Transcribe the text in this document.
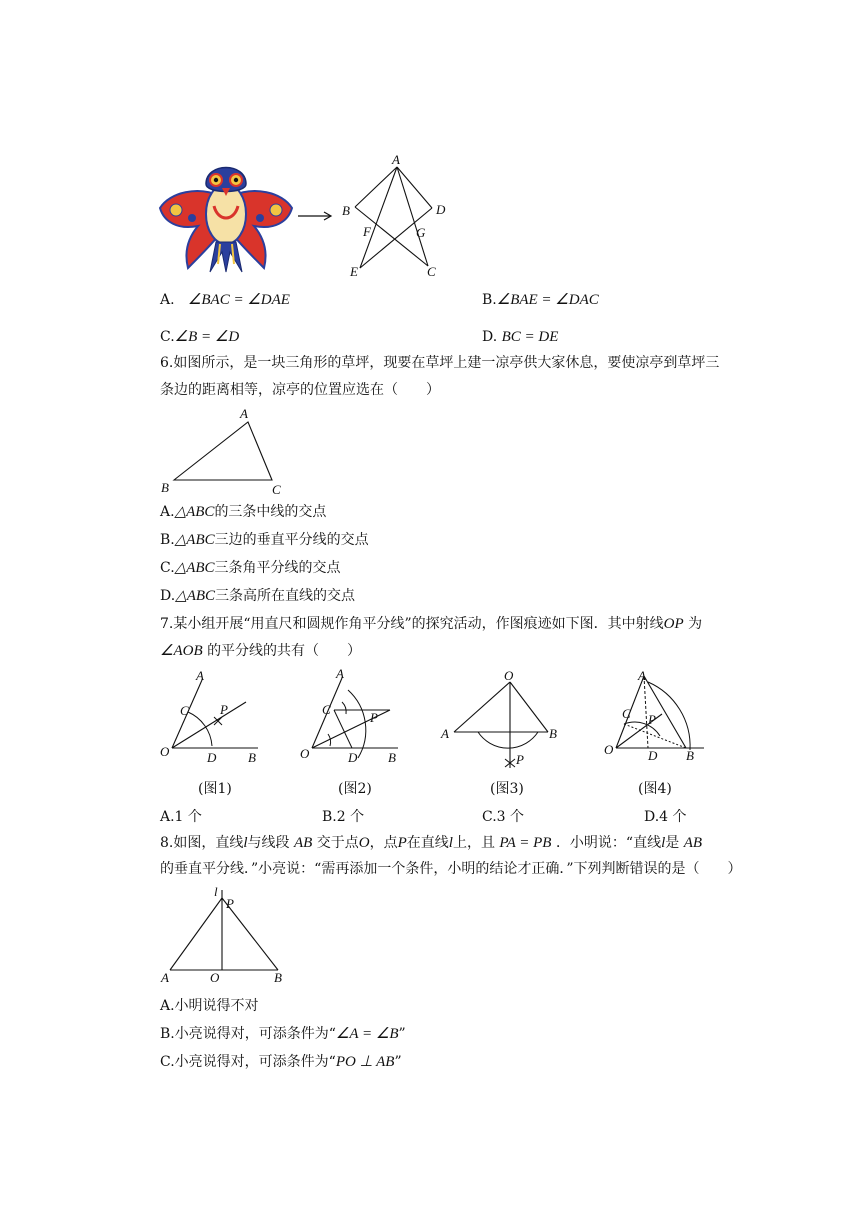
A
B	D
F	G
E	C
A. ∠BAC = ∠DAE	B.∠BAE = ∠DAC
C.∠B = ∠D	D. BC = DE
6.如图所示，是一块三角形的草坪，现要在草坪上建一凉亭供大家休息，要使凉亭到草坪三
条边的距离相等，凉亭的位置应选在（　　）
A
B	C
A.△ABC的三条中线的交点
B.△ABC三边的垂直平分线的交点
C.△ABC三条角平分线的交点
D.△ABC三条高所在直线的交点
7.某小组开展“用直尺和圆规作角平分线”的探究活动，作图痕迹如下图．其中射线OP 为
∠AOB 的平分线的共有（　　）
A
C P
O	D B
A
C
P
O	D B
O
A	B
P
A
C P
O	D B
(图1)	(图2)	(图3)	(图4)
A.1 个	B.2 个	C.3 个	D.4 个
8.如图，直线l与线段 AB 交于点O，点P在直线l上，且 PA = PB ．小明说：“直线l是 AB
的垂直平分线．”小亮说：“需再添加一个条件，小明的结论才正确．”下列判断错误的是（　　）
l
P
A	O	B
A.小明说得不对
B.小亮说得对，可添条件为“∠A = ∠B”
C.小亮说得对，可添条件为“PO ⊥ AB”
